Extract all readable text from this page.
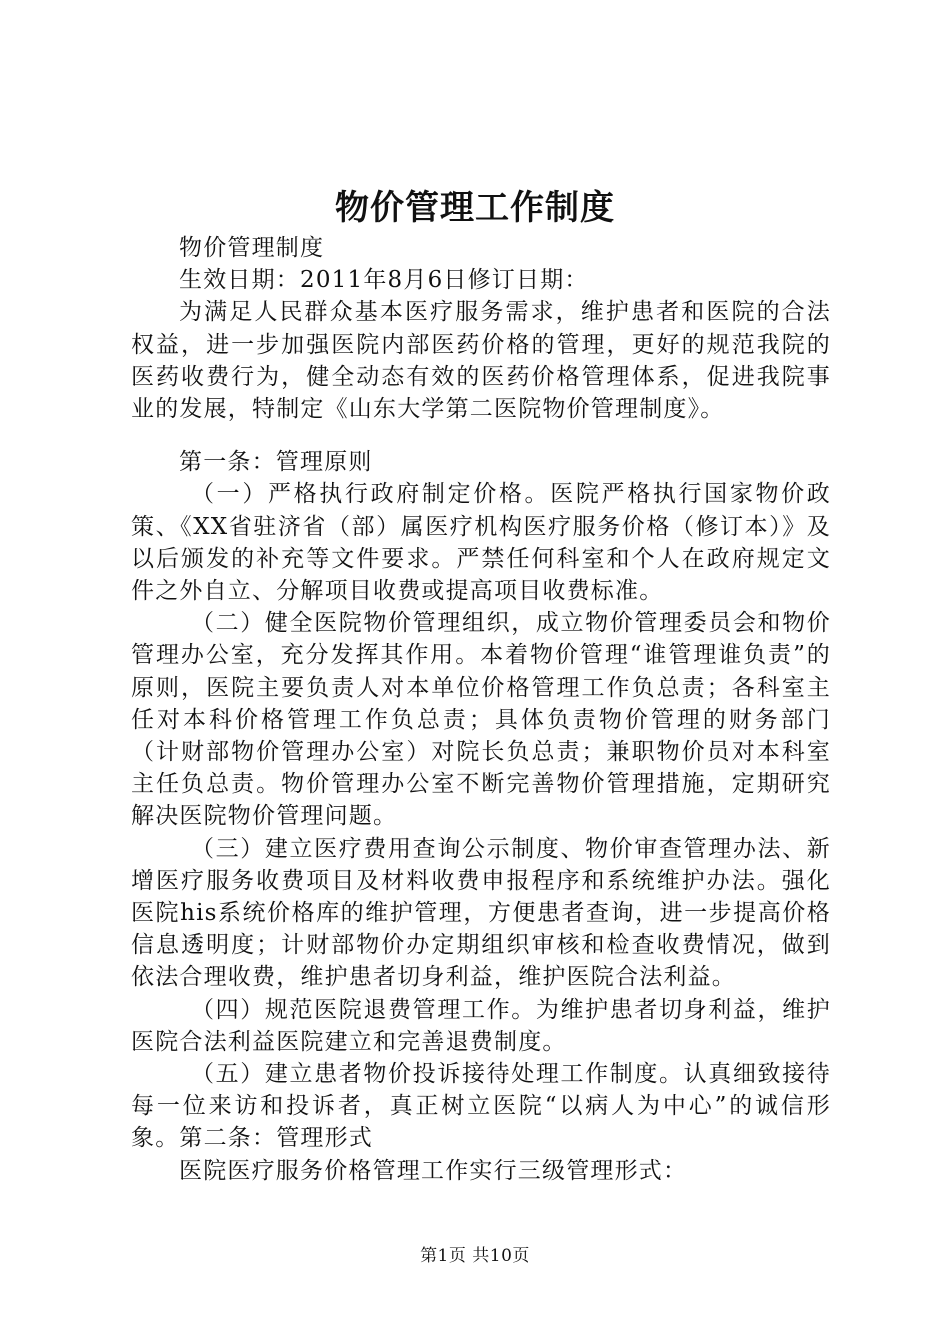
物价管理工作制度

物价管理制度

生效日期：2011年8月6日修订日期：

为满足人民群众基本医疗服务需求，维护患者和医院的合法权益，进一步加强医院内部医药价格的管理，更好的规范我院的医药收费行为，健全动态有效的医药价格管理体系，促进我院事业的发展，特制定《山东大学第二医院物价管理制度》。

第一条：管理原则

（一）严格执行政府制定价格。医院严格执行国家物价政策、《XX省驻济省（部）属医疗机构医疗服务价格（修订本）》及以后颁发的补充等文件要求。严禁任何科室和个人在政府规定文件之外自立、分解项目收费或提高项目收费标准。

（二）健全医院物价管理组织，成立物价管理委员会和物价管理办公室，充分发挥其作用。本着物价管理“谁管理谁负责”的原则，医院主要负责人对本单位价格管理工作负总责；各科室主任对本科价格管理工作负总责；具体负责物价管理的财务部门（计财部物价管理办公室）对院长负总责；兼职物价员对本科室主任负总责。物价管理办公室不断完善物价管理措施，定期研究解决医院物价管理问题。

（三）建立医疗费用查询公示制度、物价审查管理办法、新增医疗服务收费项目及材料收费申报程序和系统维护办法。强化医院his系统价格库的维护管理，方便患者查询，进一步提高价格信息透明度；计财部物价办定期组织审核和检查收费情况，做到依法合理收费，维护患者切身利益，维护医院合法利益。

（四）规范医院退费管理工作。为维护患者切身利益，维护医院合法利益医院建立和完善退费制度。

（五）建立患者物价投诉接待处理工作制度。认真细致接待每一位来访和投诉者，真正树立医院“以病人为中心”的诚信形象。第二条：管理形式

医院医疗服务价格管理工作实行三级管理形式：

第1页 共10页
